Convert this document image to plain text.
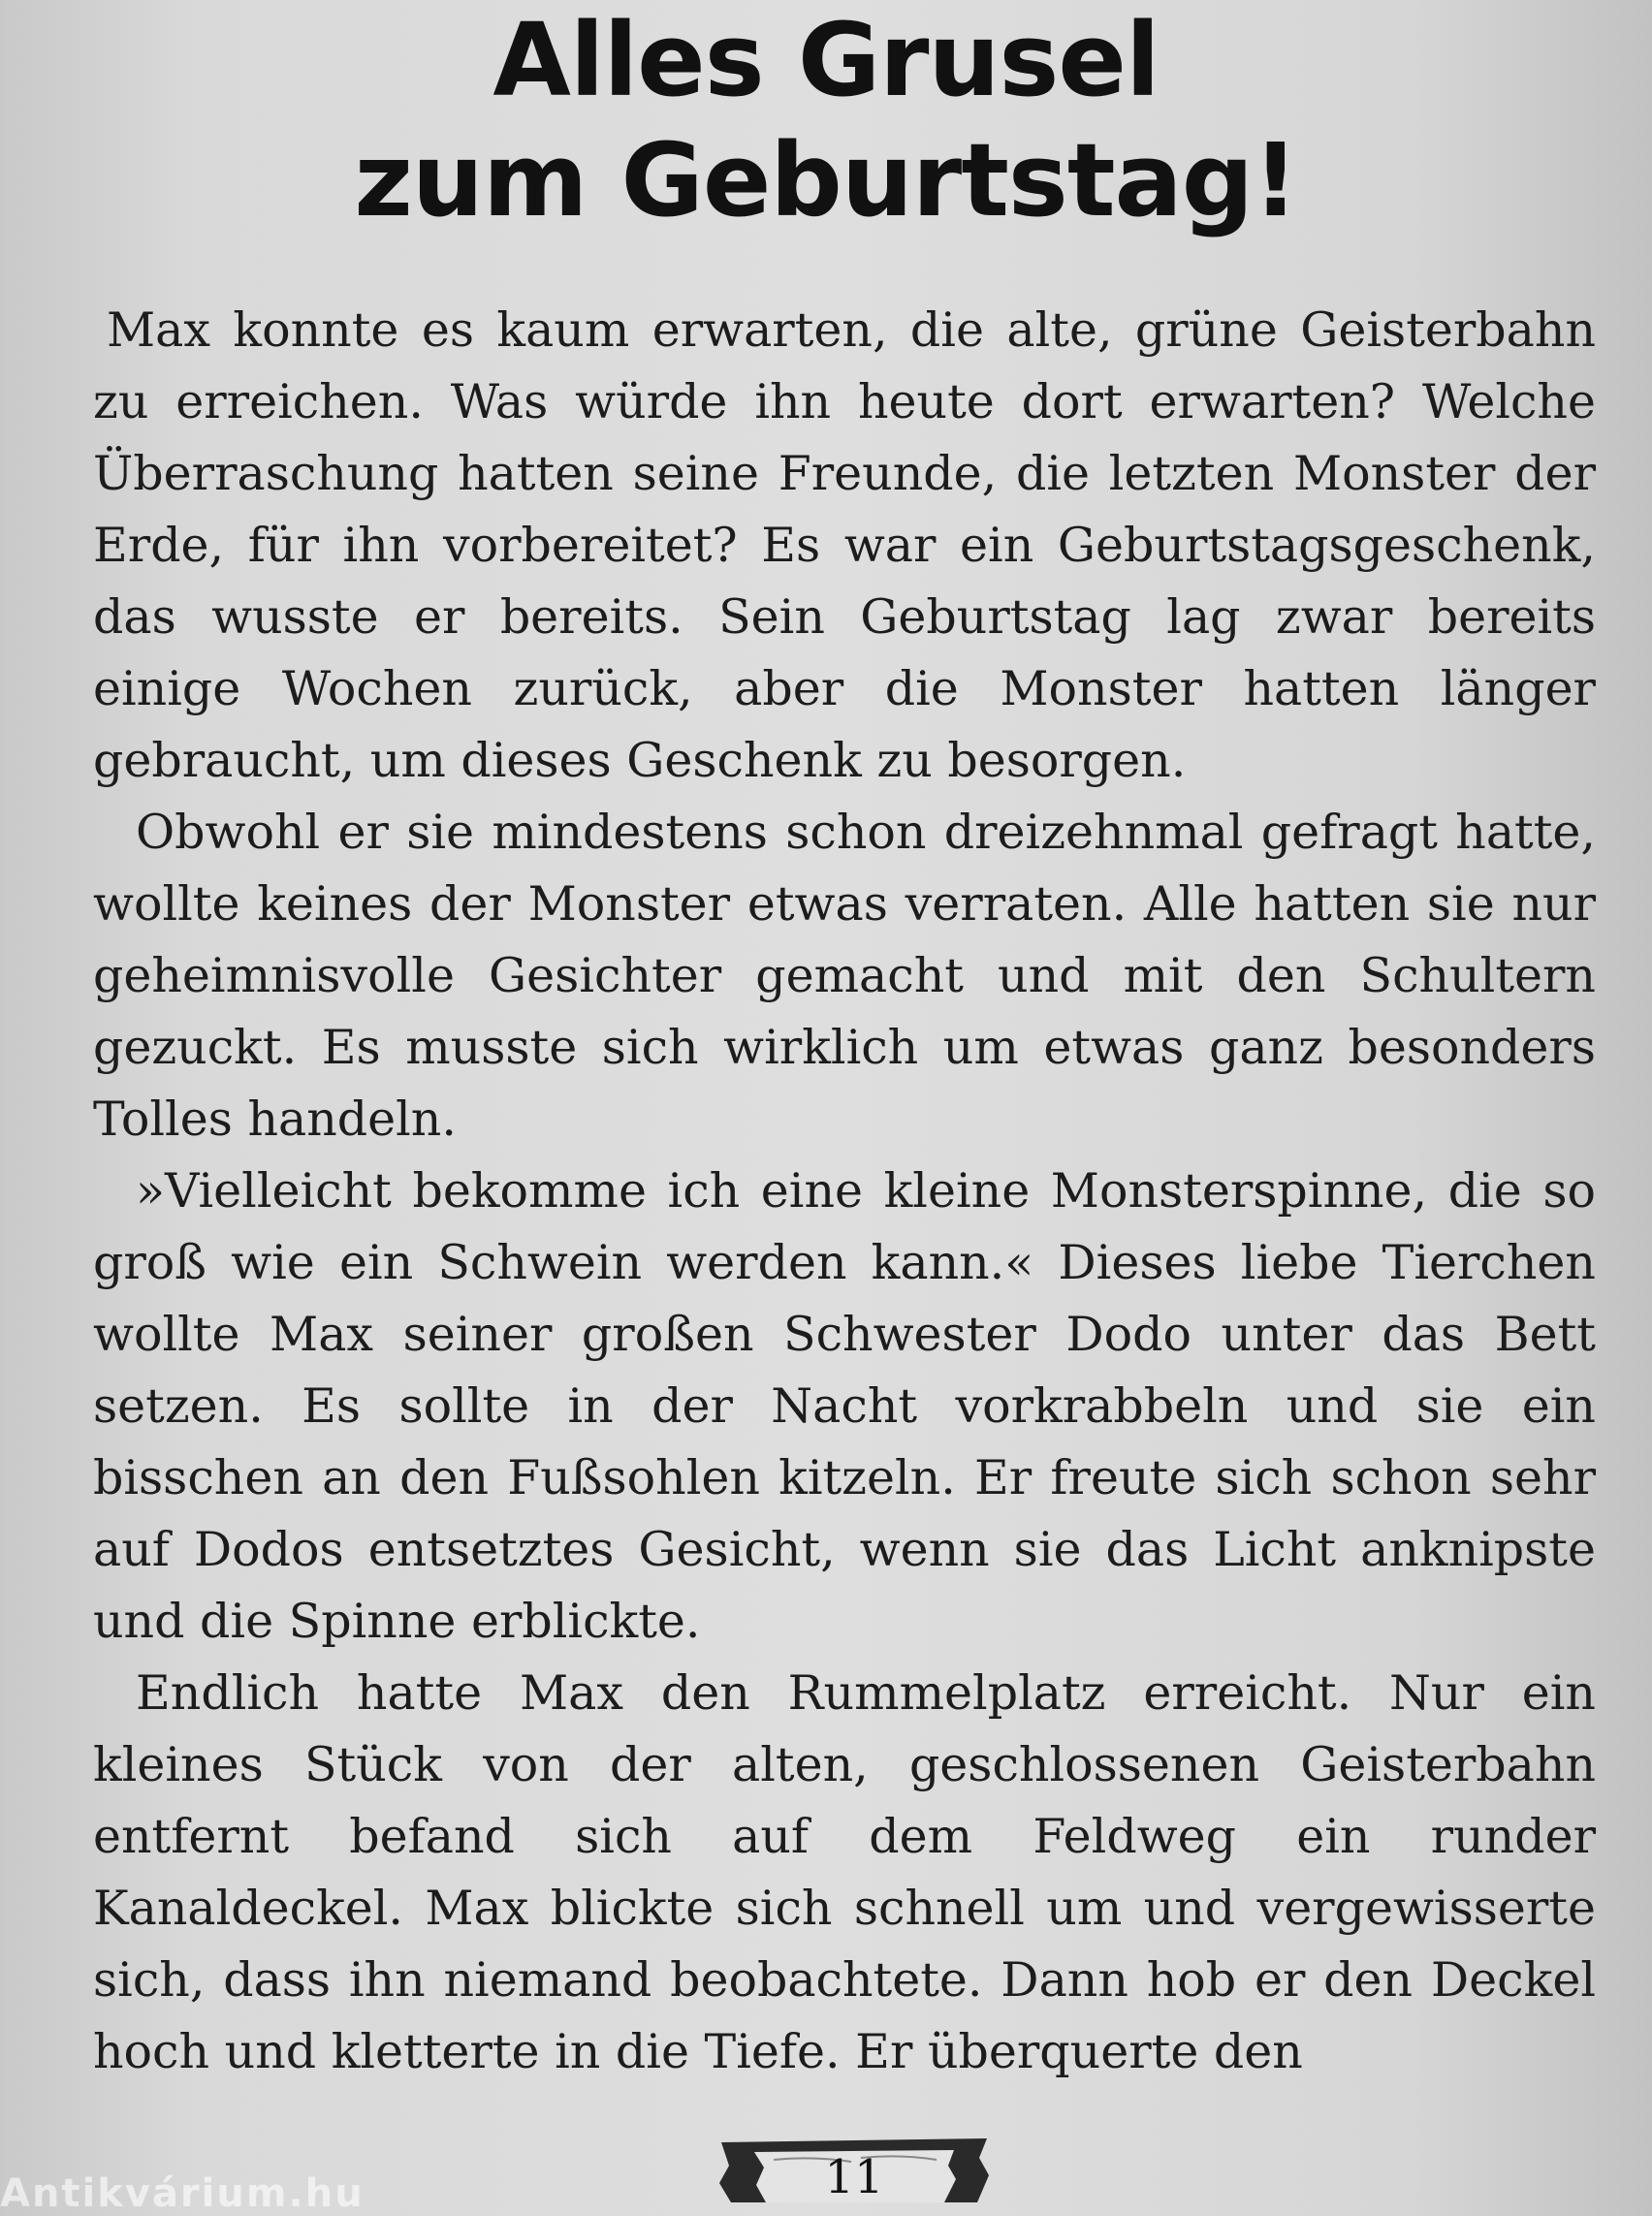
Alles Grusel
zum Geburtstag!

Max konnte es kaum erwarten, die alte, grüne Geisterbahn zu erreichen. Was würde ihn heute dort erwarten? Welche Überraschung hatten seine Freunde, die letzten Monster der Erde, für ihn vorbereitet? Es war ein Geburtstagsgeschenk, das wusste er bereits. Sein Geburtstag lag zwar bereits einige Wochen zurück, aber die Monster hatten länger gebraucht, um dieses Geschenk zu besorgen.

Obwohl er sie mindestens schon dreizehnmal gefragt hatte, wollte keines der Monster etwas verraten. Alle hatten sie nur geheimnisvolle Gesichter gemacht und mit den Schultern gezuckt. Es musste sich wirklich um etwas ganz besonders Tolles handeln.

»Vielleicht bekomme ich eine kleine Monsterspinne, die so groß wie ein Schwein werden kann.« Dieses liebe Tierchen wollte Max seiner großen Schwester Dodo unter das Bett setzen. Es sollte in der Nacht vorkrabbeln und sie ein bisschen an den Fußsohlen kitzeln. Er freute sich schon sehr auf Dodos entsetztes Gesicht, wenn sie das Licht anknipste und die Spinne erblickte.

Endlich hatte Max den Rummelplatz erreicht. Nur ein kleines Stück von der alten, geschlossenen Geisterbahn entfernt befand sich auf dem Feldweg ein runder Kanaldeckel. Max blickte sich schnell um und vergewisserte sich, dass ihn niemand beobachtete. Dann hob er den Deckel hoch und kletterte in die Tiefe. Er überquerte den

11
Antikvárium.hu
